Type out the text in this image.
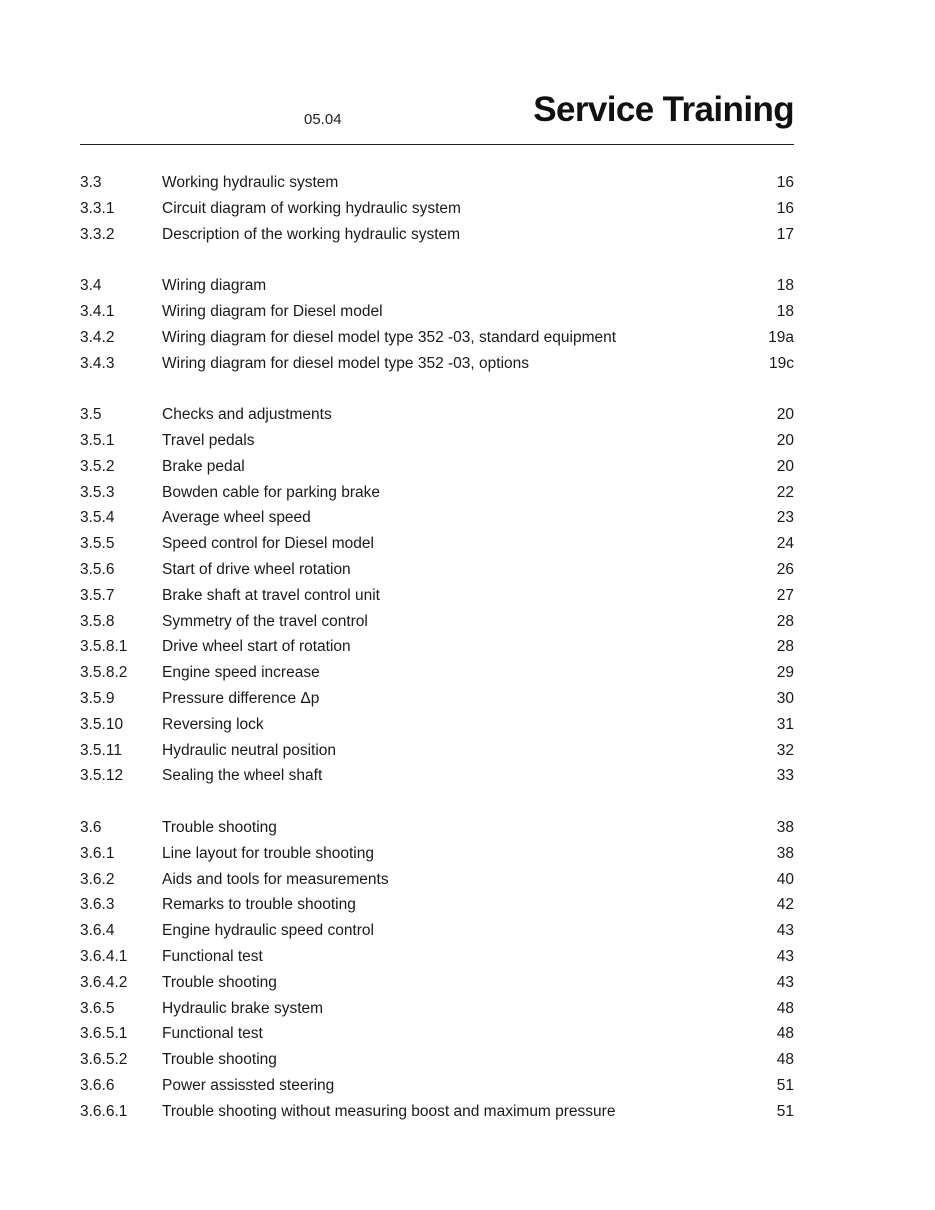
05.04	Service Training
3.3	Working hydraulic system	16
3.3.1	Circuit diagram of working hydraulic system	16
3.3.2	Description of the working hydraulic system	17
3.4	Wiring diagram	18
3.4.1	Wiring diagram for Diesel model	18
3.4.2	Wiring diagram for diesel model type 352 -03, standard equipment	19a
3.4.3	Wiring diagram for diesel model type 352 -03, options	19c
3.5	Checks and adjustments	20
3.5.1	Travel pedals	20
3.5.2	Brake pedal	20
3.5.3	Bowden cable for parking brake	22
3.5.4	Average wheel speed	23
3.5.5	Speed control for Diesel model	24
3.5.6	Start of drive wheel rotation	26
3.5.7	Brake shaft at travel control unit	27
3.5.8	Symmetry of the travel control	28
3.5.8.1 Drive wheel start of rotation	28
3.5.8.2 Engine speed increase	29
3.5.9	Pressure difference Δp	30
3.5.10	Reversing lock	31
3.5.11	Hydraulic neutral position	32
3.5.12	Sealing the wheel shaft	33
3.6	Trouble shooting	38
3.6.1	Line layout for trouble shooting	38
3.6.2	Aids and tools for measurements	40
3.6.3	Remarks to trouble shooting	42
3.6.4	Engine hydraulic speed control	43
3.6.4.1 Functional test	43
3.6.4.2 Trouble shooting	43
3.6.5	Hydraulic brake system	48
3.6.5.1 Functional test	48
3.6.5.2 Trouble shooting	48
3.6.6	Power assissted steering	51
3.6.6.1 Trouble shooting without measuring boost and maximum pressure	51
